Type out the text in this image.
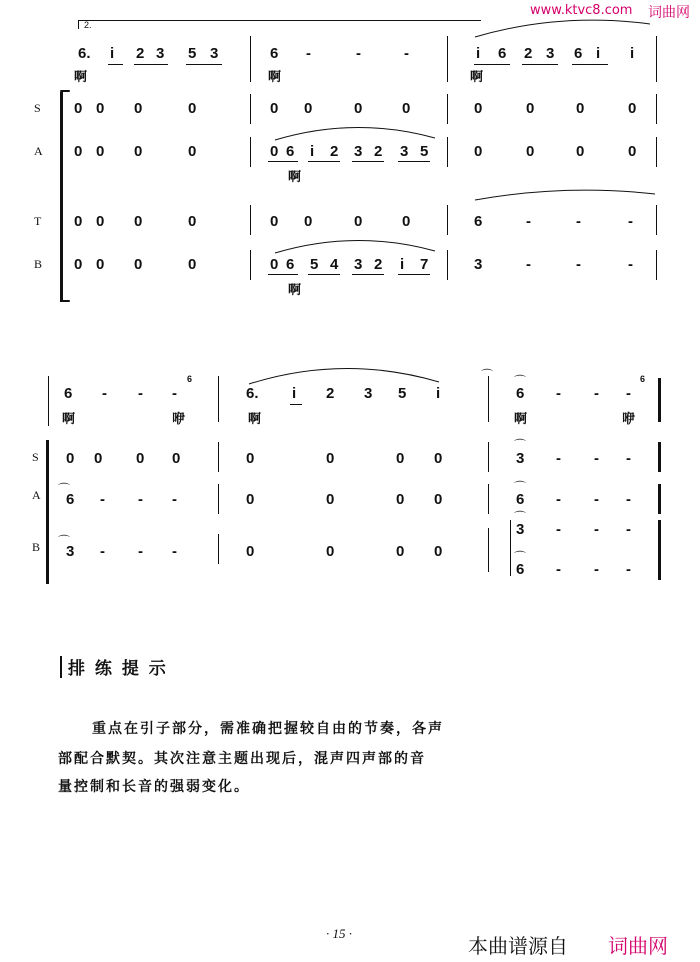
www.ktvc8.com 词曲网
2.
6. i 2 3 5 3
啊
6 -	-	-
啊
i 6 2 3 6 i i
啊
S
A
T
B
0 0 0	0	0 0	0	0	0	0	0	0
0 0 0	0	0 6 i 2 3 2 3 5
啊
0	0	0	0
0 0 0	0	0 0	0	0	6	-	-	-
0 0 0	0	0 6 5 4 3 2 i 7
啊
3	-	-	-
6 - - -
6
啊	咿
6. i 2 3 5 i
啊
⌒ ⌒
6 - - -
6
啊	咿
S
A
B
0 0 0 0	0	0	0 0
⌒
3 - - -
⌒
6 - - -	0	0	0 0
⌒
6 - - -
⌒
3 - - -	0	0	0 0
⌒
3 - - -
⌒
6 - - -
排 练 提 示
重点在引子部分，需准确把握较自由的节奏，各声
部配合默契。其次注意主题出现后，混声四声部的音
量控制和长音的强弱变化。
· 15 ·
本曲谱源自 词曲网
